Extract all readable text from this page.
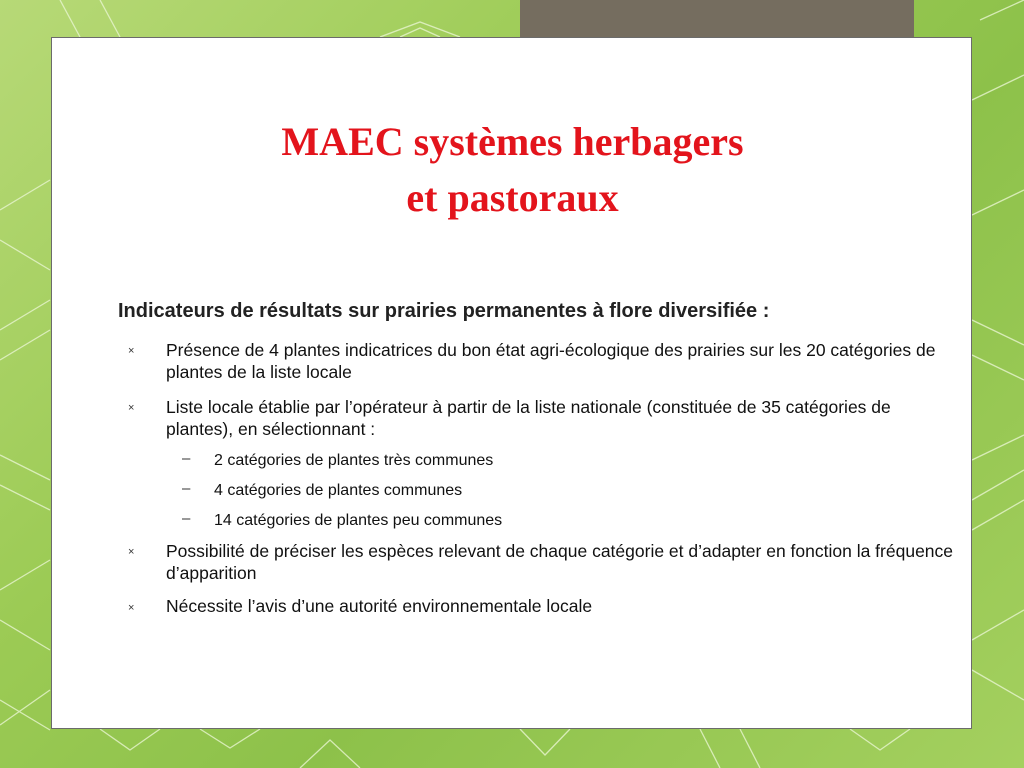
MAEC systèmes herbagers
et pastoraux
Indicateurs de résultats sur prairies permanentes à flore diversifiée :
× Présence de 4 plantes indicatrices du bon état agri-écologique des prairies sur les 20 catégories de plantes de la liste locale
× Liste locale établie par l’opérateur à partir de la liste nationale (constituée de 35 catégories de plantes), en sélectionnant :
– 2 catégories de plantes très communes
– 4 catégories de plantes communes
– 14 catégories de plantes peu communes
× Possibilité de préciser les espèces relevant de chaque catégorie et d’adapter en fonction la fréquence d’apparition
× Nécessite l’avis d’une autorité environnementale locale
